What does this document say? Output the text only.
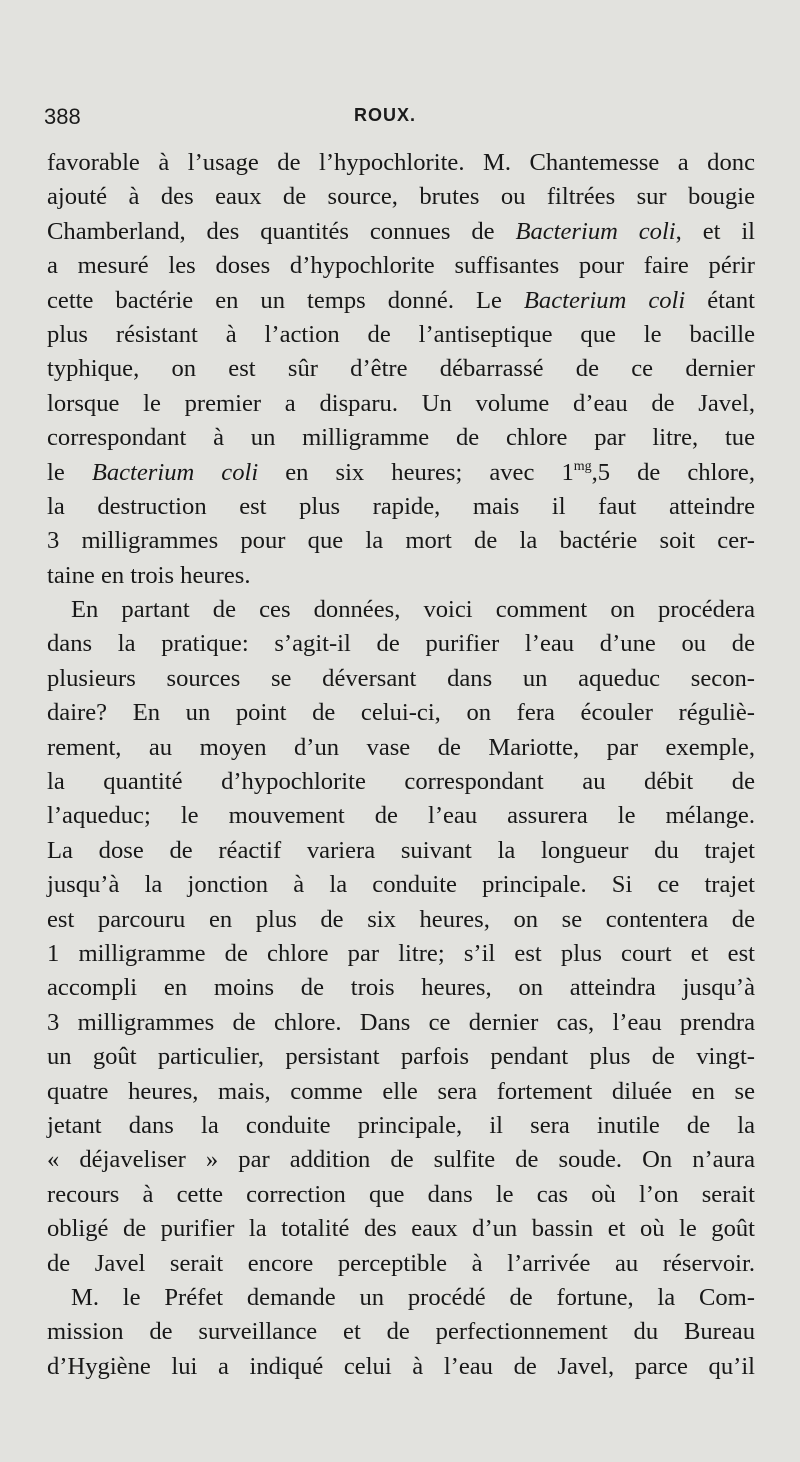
388	ROUX.
favorable à l’usage de l’hypochlorite. M. Chantemesse a donc
ajouté à des eaux de source, brutes ou filtrées sur bougie
Chamberland, des quantités connues de Bacterium coli, et il
a mesuré les doses d’hypochlorite suffisantes pour faire périr
cette bactérie en un temps donné. Le Bacterium coli étant
plus résistant à l’action de l’antiseptique que le bacille
typhique, on est sûr d’être débarrassé de ce dernier
lorsque le premier a disparu. Un volume d’eau de Javel,
correspondant à un milligramme de chlore par litre, tue
le Bacterium coli en six heures; avec $1^{mg},5$ de chlore,
la destruction est plus rapide, mais il faut atteindre
3 milligrammes pour que la mort de la bactérie soit cer-
taine en trois heures.
En partant de ces données, voici comment on procédera
dans la pratique: s’agit-il de purifier l’eau d’une ou de
plusieurs sources se déversant dans un aqueduc secon-
daire? En un point de celui-ci, on fera écouler réguliè-
rement, au moyen d’un vase de Mariotte, par exemple,
la quantité d’hypochlorite correspondant au débit de
l’aqueduc; le mouvement de l’eau assurera le mélange.
La dose de réactif variera suivant la longueur du trajet
jusqu’à la jonction à la conduite principale. Si ce trajet
est parcouru en plus de six heures, on se contentera de
1 milligramme de chlore par litre; s’il est plus court et est
accompli en moins de trois heures, on atteindra jusqu’à
3 milligrammes de chlore. Dans ce dernier cas, l’eau prendra
un goût particulier, persistant parfois pendant plus de vingt-
quatre heures, mais, comme elle sera fortement diluée en se
jetant dans la conduite principale, il sera inutile de la
« déjaveliser » par addition de sulfite de soude. On n’aura
recours à cette correction que dans le cas où l’on serait
obligé de purifier la totalité des eaux d’un bassin et où le goût
de Javel serait encore perceptible à l’arrivée au réservoir.
M. le Préfet demande un procédé de fortune, la Com-
mission de surveillance et de perfectionnement du Bureau
d’Hygiène lui a indiqué celui à l’eau de Javel, parce qu’il
